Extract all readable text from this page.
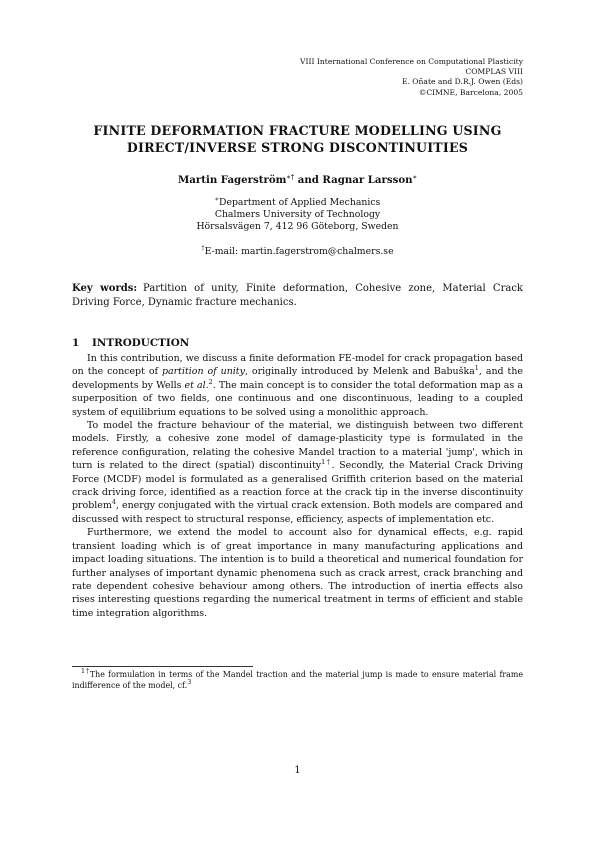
VIII International Conference on Computational Plasticity
COMPLAS VIII
E. Oñate and D.R.J. Owen (Eds)
©CIMNE, Barcelona, 2005
FINITE DEFORMATION FRACTURE MODELLING USING
DIRECT/INVERSE STRONG DISCONTINUITIES
Martin Fagerström∗† and Ragnar Larsson∗
∗Department of Applied Mechanics
Chalmers University of Technology
Hörsalsvägen 7, 412 96 Göteborg, Sweden
†E-mail: martin.fagerstrom@chalmers.se
Key words: Partition of unity, Finite deformation, Cohesive zone, Material Crack Driving Force, Dynamic fracture mechanics.
1 INTRODUCTION

In this contribution, we discuss a finite deformation FE-model for crack propagation based on the concept of partition of unity, originally introduced by Melenk and Babuška$^1$, and the developments by Wells et al.$^2$. The main concept is to consider the total deformation map as a superposition of two fields, one continuous and one discontinuous, leading to a coupled system of equilibrium equations to be solved using a monolithic approach.

To model the fracture behaviour of the material, we distinguish between two different models. Firstly, a cohesive zone model of damage-plasticity type is formulated in the reference configuration, relating the cohesive Mandel traction to a material 'jump', which in turn is related to the direct (spatial) discontinuity$^{1\dagger}$. Secondly, the Material Crack Driving Force (MCDF) model is formulated as a generalised Griffith criterion based on the material crack driving force, identified as a reaction force at the crack tip in the inverse discontinuity problem$^4$, energy conjugated with the virtual crack extension. Both models are compared and discussed with respect to structural response, efficiency, aspects of implementation etc.

Furthermore, we extend the model to account also for dynamical effects, e.g. rapid transient loading which is of great importance in many manufacturing applications and impact loading situations. The intention is to build a theoretical and numerical foundation for further analyses of important dynamic phenomena such as crack arrest, crack branching and rate dependent cohesive behaviour among others. The introduction of inertia effects also rises interesting questions regarding the numerical treatment in terms of efficient and stable time integration algorithms.

$^{1\dagger}$The formulation in terms of the Mandel traction and the material jump is made to ensure material frame indifference of the model, cf.$^3$
1
